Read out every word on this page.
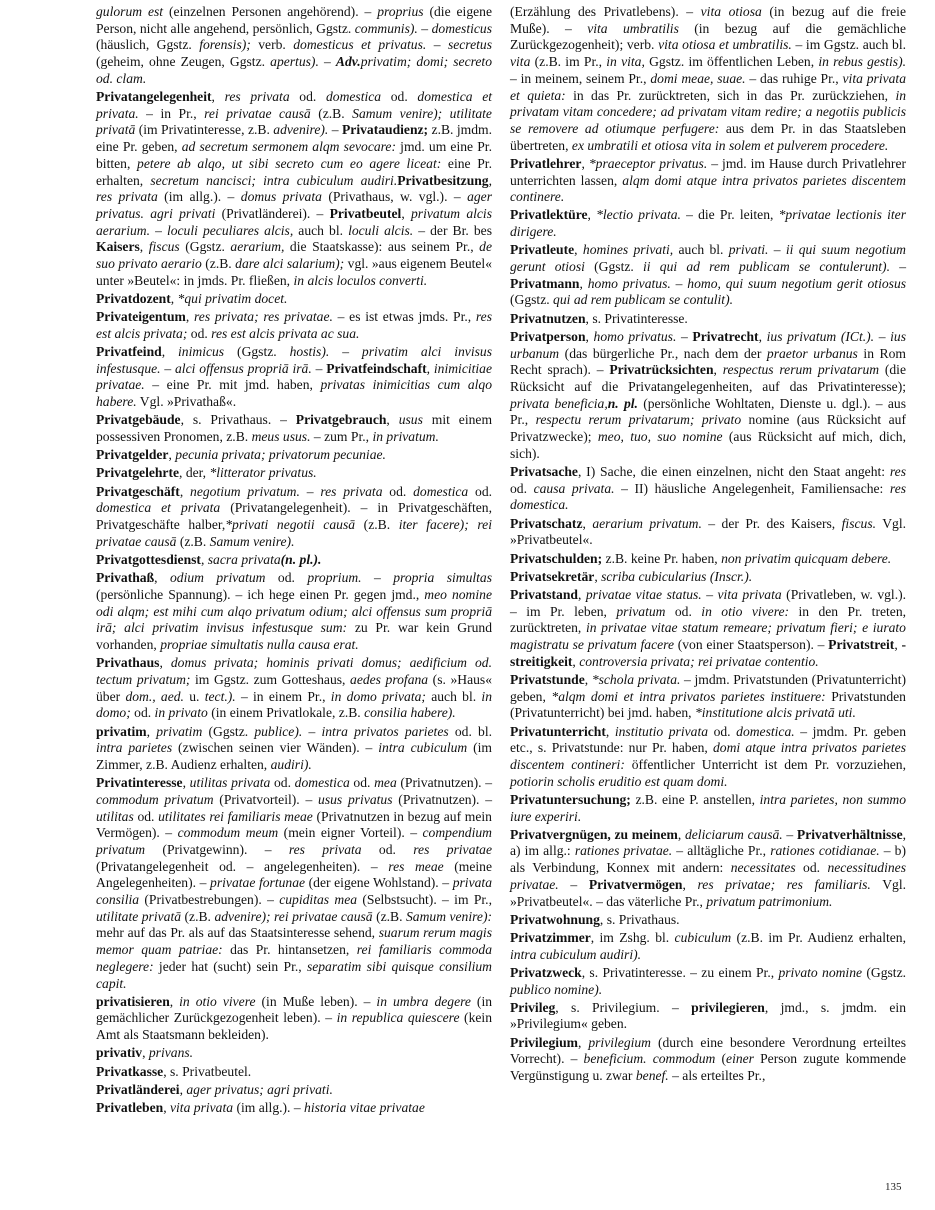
gulorum est (einzelnen Personen angehörend). – proprius (die eigene Person, nicht alle angehend, persönlich, Ggstz. communis). – domesticus (häuslich, Ggstz. forensis); verb. domesticus et privatus. – secretus (geheim, ohne Zeugen, Ggstz. apertus). – Adv.privatim; domi; secreto od. clam.
Privatangelegenheit, res privata od. domestica od. domestica et privata. – in Pr., rei privatae causā (z.B. Samum venire); utilitate privatā (im Privatinteresse, z.B. advenire). – Privataudienz; z.B. jmdm. eine Pr. geben, ad secretum sermonem alqm sevocare: jmd. um eine Pr. bitten, petere ab alqo, ut sibi secreto cum eo agere liceat: eine Pr. erhalten, secretum nancisci; intra cubiculum audiri.Privatbesitzung, res privata (im allg.). – domus privata (Privathaus, w. vgl.). – ager privatus. agri privati (Privatländerei). – Privatbeutel, privatum alcis aerarium. – loculi peculiares alcis, auch bl. loculi alcis. – der Br. bes Kaisers, fiscus (Ggstz. aerarium, die Staatskasse): aus seinem Pr., de suo privato aerario (z.B. dare alci salarium); vgl. »aus eigenem Beutel« unter »Beutel«: in jmds. Pr. fließen, in alcis loculos converti.
Privatdozent, *qui privatim docet.
Privateigentum, res privata; res privatae. – es ist etwas jmds. Pr., res est alcis privata; od. res est alcis privata ac sua.
Privatfeind, inimicus (Ggstz. hostis). – privatim alci invisus infestusque. – alci offensus propriā irā. – Privatfeindschaft, inimicitiae privatae. – eine Pr. mit jmd. haben, privatas inimicitias cum alqo habere. Vgl. »Privathaß«.
Privatgebäude, s. Privathaus. – Privatgebrauch, usus mit einem possessiven Pronomen, z.B. meus usus. – zum Pr., in privatum.
Privatgelder, pecunia privata; privatorum pecuniae.
Privatgelehrte, der, *litterator privatus.
Privatgeschäft, negotium privatum. – res privata od. domestica od. domestica et privata (Privatangelegenheit). – in Privatgeschäften, Privatgeschäfte halber,*privati negotii causā (z.B. iter facere); rei privatae causā (z.B. Samum venire).
Privatgottesdienst, sacra privata(n. pl.).
Privathaß, odium privatum od. proprium. – propria simultas (persönliche Spannung). – ich hege einen Pr. gegen jmd., meo nomine odi alqm; est mihi cum alqo privatum odium; alci offensus sum propriā irā; alci privatim invisus infestusque sum: zu Pr. war kein Grund vorhanden, propriae simultatis nulla causa erat.
Privathaus, domus privata; hominis privati domus; aedificium od. tectum privatum; im Ggstz. zum Gotteshaus, aedes profana (s. »Haus« über dom., aed. u. tect.). – in einem Pr., in domo privata; auch bl. in domo; od. in privato (in einem Privatlokale, z.B. consilia habere).
privatim, privatim (Ggstz. publice). – intra privatos parietes od. bl. intra parietes (zwischen seinen vier Wänden). – intra cubiculum (im Zimmer, z.B. Audienz erhalten, audiri).
Privatinteresse, utilitas privata od. domestica od. mea (Privatnutzen). – commodum privatum (Privatvorteil). – usus privatus (Privatnutzen). – utilitas od. utilitates rei familiaris meae (Privatnutzen in bezug auf mein Vermögen). – commodum meum (mein eigner Vorteil). – compendium privatum (Privatgewinn). – res privata od. res privatae (Privatangelegenheit od. – angelegenheiten). – res meae (meine Angelegenheiten). – privatae fortunae (der eigene Wohlstand). – privata consilia (Privatbestrebungen). – cupiditas mea (Selbstsucht). – im Pr., utilitate privatā (z.B. advenire); rei privatae causā (z.B. Samum venire): mehr auf das Pr. als auf das Staatsinteresse sehend, suarum rerum magis memor quam patriae: das Pr. hintansetzen, rei familiaris commoda neglegere: jeder hat (sucht) sein Pr., separatim sibi quisque consilium capit.
privatisieren, in otio vivere (in Muße leben). – in umbra degere (in gemächlicher Zurückgezogenheit leben). – in republica quiescere (kein Amt als Staatsmann bekleiden).
privativ, privans.
Privatkasse, s. Privatbeutel.
Privatländerei, ager privatus; agri privati.
Privatleben, vita privata (im allg.). – historia vitae privatae
(Erzählung des Privatlebens). – vita otiosa (in bezug auf die freie Muße). – vita umbratilis (in bezug auf die gemächliche Zurückgezogenheit); verb. vita otiosa et umbratilis. – im Ggstz. auch bl. vita (z.B. im Pr., in vita, Ggstz. im öffentlichen Leben, in rebus gestis). – in meinem, seinem Pr., domi meae, suae. – das ruhige Pr., vita privata et quieta: in das Pr. zurücktreten, sich in das Pr. zurückziehen, in privatam vitam concedere; ad privatam vitam redire; a negotiis publicis se removere ad otiumque perfugere: aus dem Pr. in das Staatsleben übertreten, ex umbratili et otiosa vita in solem et pulverem procedere.
Privatlehrer, *praeceptor privatus. – jmd. im Hause durch Privatlehrer unterrichten lassen, alqm domi atque intra privatos parietes discentem continere.
Privatlektüre, *lectio privata. – die Pr. leiten, *privatae lectionis iter dirigere.
Privatleute, homines privati, auch bl. privati. – ii qui suum negotium gerunt otiosi (Ggstz. ii qui ad rem publicam se contulerunt). – Privatmann, homo privatus. – homo, qui suum negotium gerit otiosus (Ggstz. qui ad rem publicam se contulit).
Privatnutzen, s. Privatinteresse.
Privatperson, homo privatus. – Privatrecht, ius privatum (ICt.). – ius urbanum (das bürgerliche Pr., nach dem der praetor urbanus in Rom Recht sprach). – Privatrücksichten, respectus rerum privatarum (die Rücksicht auf die Privatangelegenheiten, auf das Privatinteresse); privata beneficia,n. pl. (persönliche Wohltaten, Dienste u. dgl.). – aus Pr., respectu rerum privatarum; privato nomine (aus Rücksicht auf Privatzwecke); meo, tuo, suo nomine (aus Rücksicht auf mich, dich, sich).
Privatsache, I) Sache, die einen einzelnen, nicht den Staat angeht: res od. causa privata. – II) häusliche Angelegenheit, Familiensache: res domestica.
Privatschatz, aerarium privatum. – der Pr. des Kaisers, fiscus. Vgl. »Privatbeutel«.
Privatschulden; z.B. keine Pr. haben, non privatim quicquam debere.
Privatsekretär, scriba cubicularius (Inscr.).
Privatstand, privatae vitae status. – vita privata (Privatleben, w. vgl.). – im Pr. leben, privatum od. in otio vivere: in den Pr. treten, zurücktreten, in privatae vitae statum remeare; privatum fieri; e iurato magistratu se privatum facere (von einer Staatsperson). – Privatstreit, -streitigkeit, controversia privata; rei privatae contentio.
Privatstunde, *schola privata. – jmdm. Privatstunden (Privatunterricht) geben, *alqm domi et intra privatos parietes instituere: Privatstunden (Privatunterricht) bei jmd. haben, *institutione alcis privatā uti.
Privatunterricht, institutio privata od. domestica. – jmdm. Pr. geben etc., s. Privatstunde: nur Pr. haben, domi atque intra privatos parietes discentem contineri: öffentlicher Unterricht ist dem Pr. vorzuziehen, potiorin scholis eruditio est quam domi.
Privatuntersuchung; z.B. eine P. anstellen, intra parietes, non summo iure experiri.
Privatvergnügen, zu meinem, deliciarum causā. – Privatverhältnisse, a) im allg.: rationes privatae. – alltägliche Pr., rationes cotidianae. – b) als Verbindung, Konnex mit andern: necessitates od. necessitudines privatae. – Privatvermögen, res privatae; res familiaris. Vgl. »Privatbeutel«. – das väterliche Pr., privatum patrimonium.
Privatwohnung, s. Privathaus.
Privatzimmer, im Zshg. bl. cubiculum (z.B. im Pr. Audienz erhalten, intra cubiculum audiri).
Privatzweck, s. Privatinteresse. – zu einem Pr., privato nomine (Ggstz. publico nomine).
Privileg, s. Privilegium. – privilegieren, jmd., s. jmdm. ein »Privilegium« geben.
Privilegium, privilegium (durch eine besondere Verordnung erteiltes Vorrecht). – beneficium. commodum (einer Person zugute kommende Vergünstigung u. zwar benef. – als erteiltes Pr.,
135
